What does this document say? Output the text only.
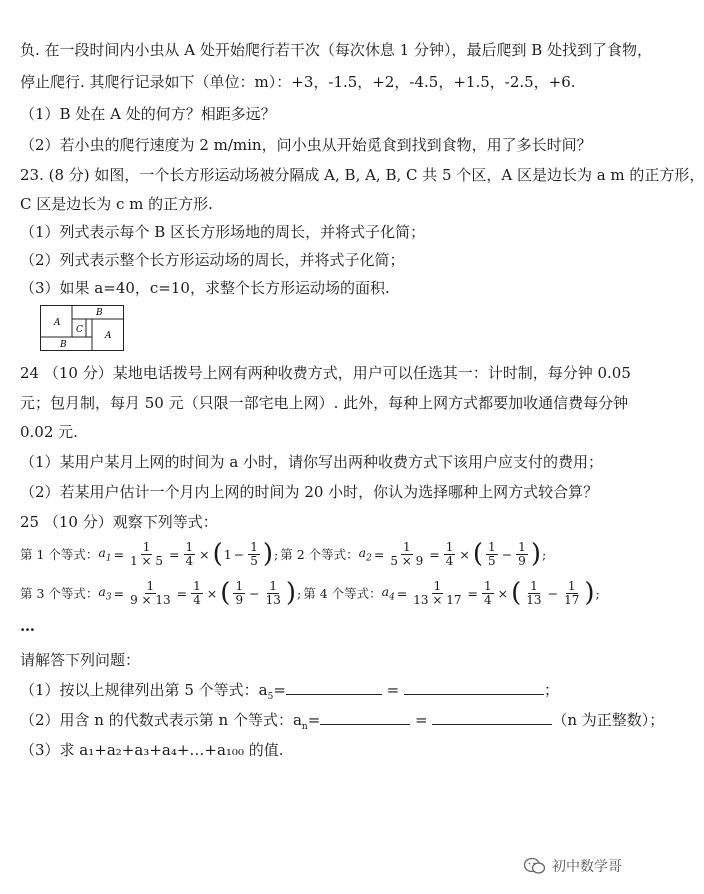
负. 在一段时间内小虫从 A 处开始爬行若干次（每次休息 1 分钟），最后爬到 B 处找到了食物，
停止爬行. 其爬行记录如下（单位：m）：+3，-1.5，+2，-4.5，+1.5，-2.5，+6.
（1）B 处在 A 处的何方？相距多远？
（2）若小虫的爬行速度为 2 m/min，问小虫从开始觅食到找到食物，用了多长时间？
23. (8 分) 如图，一个长方形运动场被分隔成 A, B, A, B, C 共 5 个区，A 区是边长为 a m 的正方形，
C 区是边长为 c m 的正方形.
（1）列式表示每个 B 区长方形场地的周长，并将式子化简；
（2）列式表示整个长方形运动场的周长，并将式子化简；
（3）如果 a=40，c=10，求整个长方形运动场的面积.
A
B
C
A
B
24 （10 分）某地电话拨号上网有两种收费方式，用户可以任选其一：计时制，每分钟 0.05
元；包月制，每月 50 元（只限一部宅电上网）. 此外，每种上网方式都要加收通信费每分钟
0.02 元.
（1）某用户某月上网的时间为 a 小时，请你写出两种收费方式下该用户应支付的费用；
（2）若某用户估计一个月内上网的时间为 20 小时，你认为选择哪种上网方式较合算？
25 （10 分）观察下列等式：
第 1 个等式： $a_1 = \frac{1}{1 \times 5} = \frac{1}{4}$ × ( $1 - \frac{1}{5}$ ) ; 第 2 个等式： $a_2 = \frac{1}{5 \times 9} = \frac{1}{4}$ × ( $\frac{1}{5} - \frac{1}{9}$ ) ;
第 3 个等式： $a_3 = \frac{1}{9 \times 13} = \frac{1}{4}$ × ( $\frac{1}{9} - \frac{1}{13}$ ) ; 第 4 个等式： $a_4 = \frac{1}{13 \times 17} = \frac{1}{4}$ × ( $\frac{1}{13} - \frac{1}{17}$ ) ;
…
请解答下列问题：
（1）按以上规律列出第 5 个等式：$a_5=$	=	；
（2）用含 n 的代数式表示第 n 个等式：$a_n=$	=	（n 为正整数）；
（3）求 a₁+a₂+a₃+a₄+…+a₁₀₀ 的值.
初中数学哥
